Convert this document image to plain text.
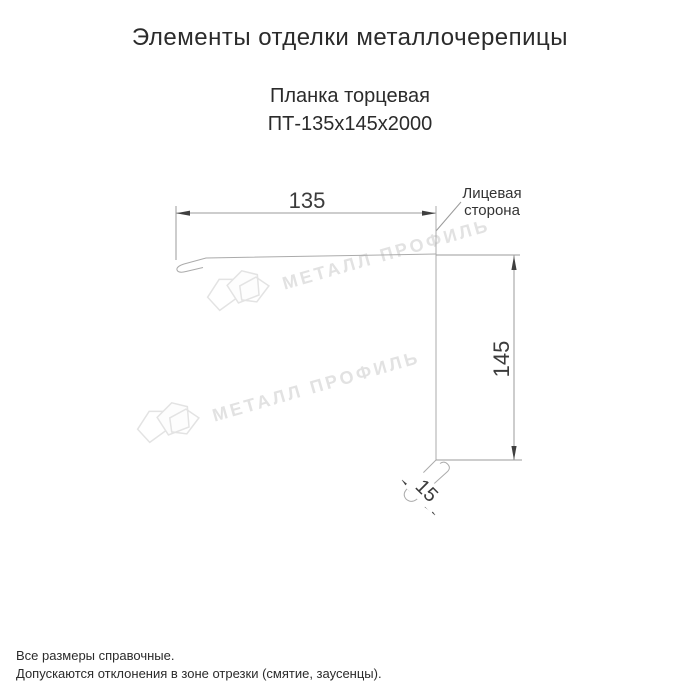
Элементы отделки металлочерепицы
Планка торцевая
ПТ-135х145х2000
МЕТАЛЛ ПРОФИЛЬ
МЕТАЛЛ ПРОФИЛЬ
135
145
15
Лицевая сторона
Все размеры справочные.
Допускаются отклонения в зоне отрезки (смятие, заусенцы).
